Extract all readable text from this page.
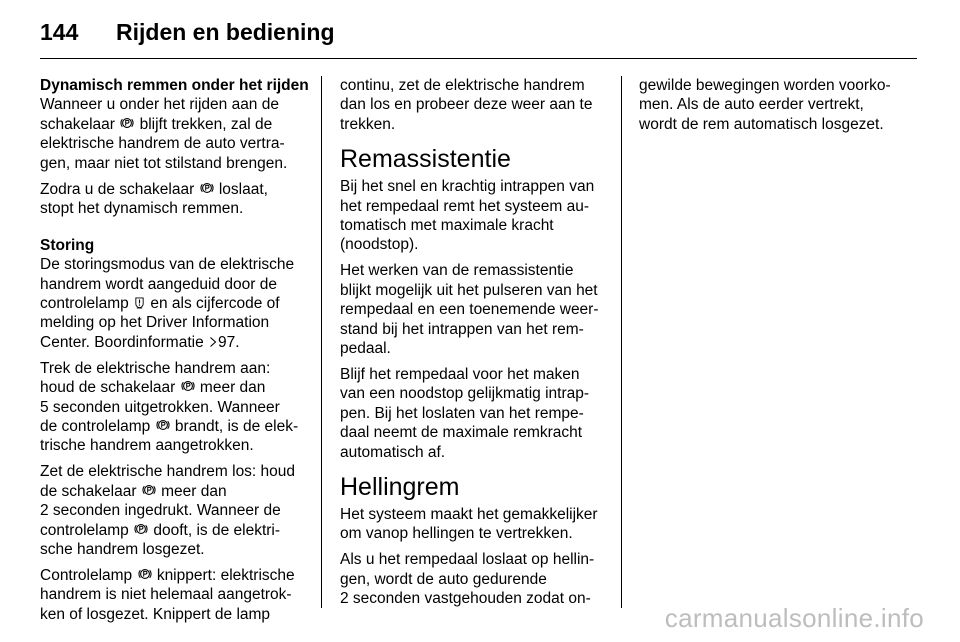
144 Rijden en bediening
Dynamisch remmen onder het rijden
Wanneer u onder het rijden aan de
schakelaar blijft trekken, zal de
elektrische handrem de auto vertra-
gen, maar niet tot stilstand brengen.
Zodra u de schakelaar loslaat,
stopt het dynamisch remmen.
Storing
De storingsmodus van de elektrische
handrem wordt aangeduid door de
controlelamp en als cijfercode of
melding op het Driver Information
Center. Boordinformatie 97.
Trek de elektrische handrem aan:
houd de schakelaar meer dan
5 seconden uitgetrokken. Wanneer
de controlelamp brandt, is de elek-
trische handrem aangetrokken.
Zet de elektrische handrem los: houd
de schakelaar meer dan
2 seconden ingedrukt. Wanneer de
controlelamp dooft, is de elektri-
sche handrem losgezet.
Controlelamp knippert: elektrische
handrem is niet helemaal aangetrok-
ken of losgezet. Knippert de lamp
continu, zet de elektrische handrem
dan los en probeer deze weer aan te
trekken.
Remassistentie
Bij het snel en krachtig intrappen van
het rempedaal remt het systeem au-
tomatisch met maximale kracht
(noodstop).
Het werken van de remassistentie
blijkt mogelijk uit het pulseren van het
rempedaal en een toenemende weer-
stand bij het intrappen van het rem-
pedaal.
Blijf het rempedaal voor het maken
van een noodstop gelijkmatig intrap-
pen. Bij het loslaten van het rempe-
daal neemt de maximale remkracht
automatisch af.
Hellingrem
Het systeem maakt het gemakkelijker
om vanop hellingen te vertrekken.
Als u het rempedaal loslaat op hellin-
gen, wordt de auto gedurende
2 seconden vastgehouden zodat on-
gewilde bewegingen worden voorko-
men. Als de auto eerder vertrekt,
wordt de rem automatisch losgezet.
carmanualsonline.info
